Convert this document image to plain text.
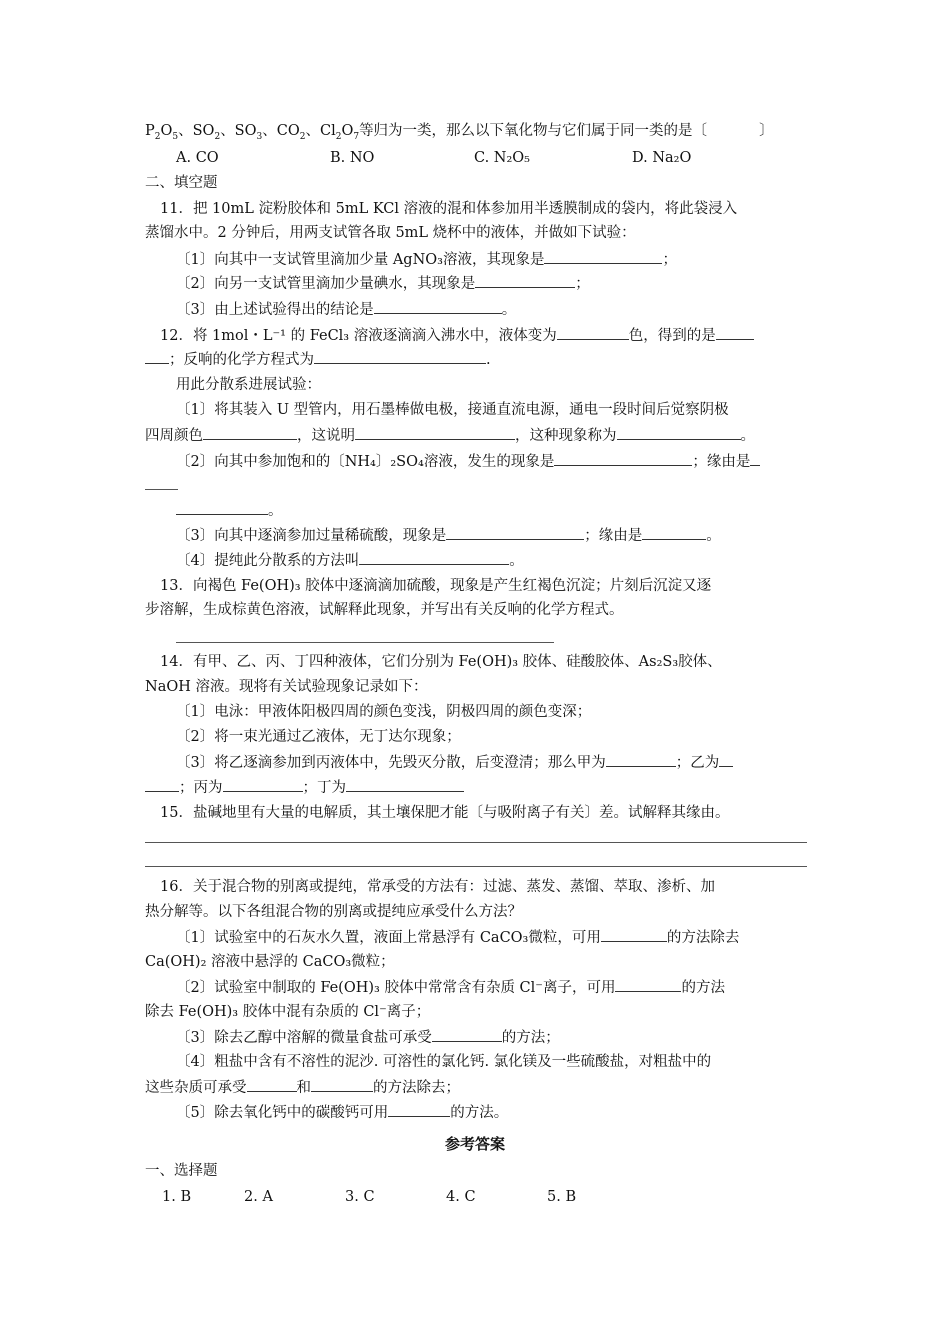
$P_2O_5$、$SO_2$、$SO_3$、$CO_2$、$Cl_2O_7$等归为一类，那么以下氧化物与它们属于同一类的是〔	〕
A. CO	B. NO	C. N₂O₅	D. Na₂O
二、填空题
11．把 10mL 淀粉胶体和 5mL KCl 溶液的混和体参加用半透膜制成的袋内，将此袋浸入
蒸馏水中。2 分钟后，用两支试管各取 5mL 烧杯中的液体，并做如下试验：
〔1〕向其中一支试管里滴加少量 AgNO₃溶液，其现象是	；
〔2〕向另一支试管里滴加少量碘水，其现象是	；
〔3〕由上述试验得出的结论是	。
12．将 1mol・L⁻¹ 的 FeCl₃ 溶液逐滴滴入沸水中，液体变为	色，得到的是
；反响的化学方程式为	.
用此分散系进展试验：
〔1〕将其装入 U 型管内，用石墨棒做电极，接通直流电源，通电一段时间后觉察阴极
四周颜色	，这说明	，这种现象称为	。
〔2〕向其中参加饱和的〔NH₄〕₂SO₄溶液，发生的现象是	；缘由是
。
〔3〕向其中逐滴参加过量稀硫酸，现象是	；缘由是	。
〔4〕提纯此分散系的方法叫	。
13．向褐色 Fe(OH)₃ 胶体中逐滴滴加硫酸，现象是产生红褐色沉淀；片刻后沉淀又逐
步溶解，生成棕黄色溶液，试解释此现象，并写出有关反响的化学方程式。
14．有甲、乙、丙、丁四种液体，它们分别为 Fe(OH)₃ 胶体、硅酸胶体、As₂S₃胶体、
NaOH 溶液。现将有关试验现象记录如下：
〔1〕电泳：甲液体阳极四周的颜色变浅，阴极四周的颜色变深；
〔2〕将一束光通过乙液体，无丁达尔现象；
〔3〕将乙逐滴参加到丙液体中，先毁灭分散，后变澄清；那么甲为	；乙为
；丙为	；丁为
15．盐碱地里有大量的电解质，其土壤保肥才能〔与吸附离子有关〕差。试解释其缘由。
16．关于混合物的别离或提纯，常承受的方法有：过滤、蒸发、蒸馏、萃取、渗析、加
热分解等。以下各组混合物的别离或提纯应承受什么方法？
〔1〕试验室中的石灰水久置，液面上常悬浮有 CaCO₃微粒，可用	的方法除去
Ca(OH)₂ 溶液中悬浮的 CaCO₃微粒；
〔2〕试验室中制取的 Fe(OH)₃ 胶体中常常含有杂质 Cl⁻离子，可用	的方法
除去 Fe(OH)₃ 胶体中混有杂质的 Cl⁻离子；
〔3〕除去乙醇中溶解的微量食盐可承受	的方法；
〔4〕粗盐中含有不溶性的泥沙. 可溶性的氯化钙. 氯化镁及一些硫酸盐，对粗盐中的
这些杂质可承受	和	的方法除去；
〔5〕除去氧化钙中的碳酸钙可用	的方法。
参考答案
一、选择题
1. B	2. A	3. C	4. C	5. B
